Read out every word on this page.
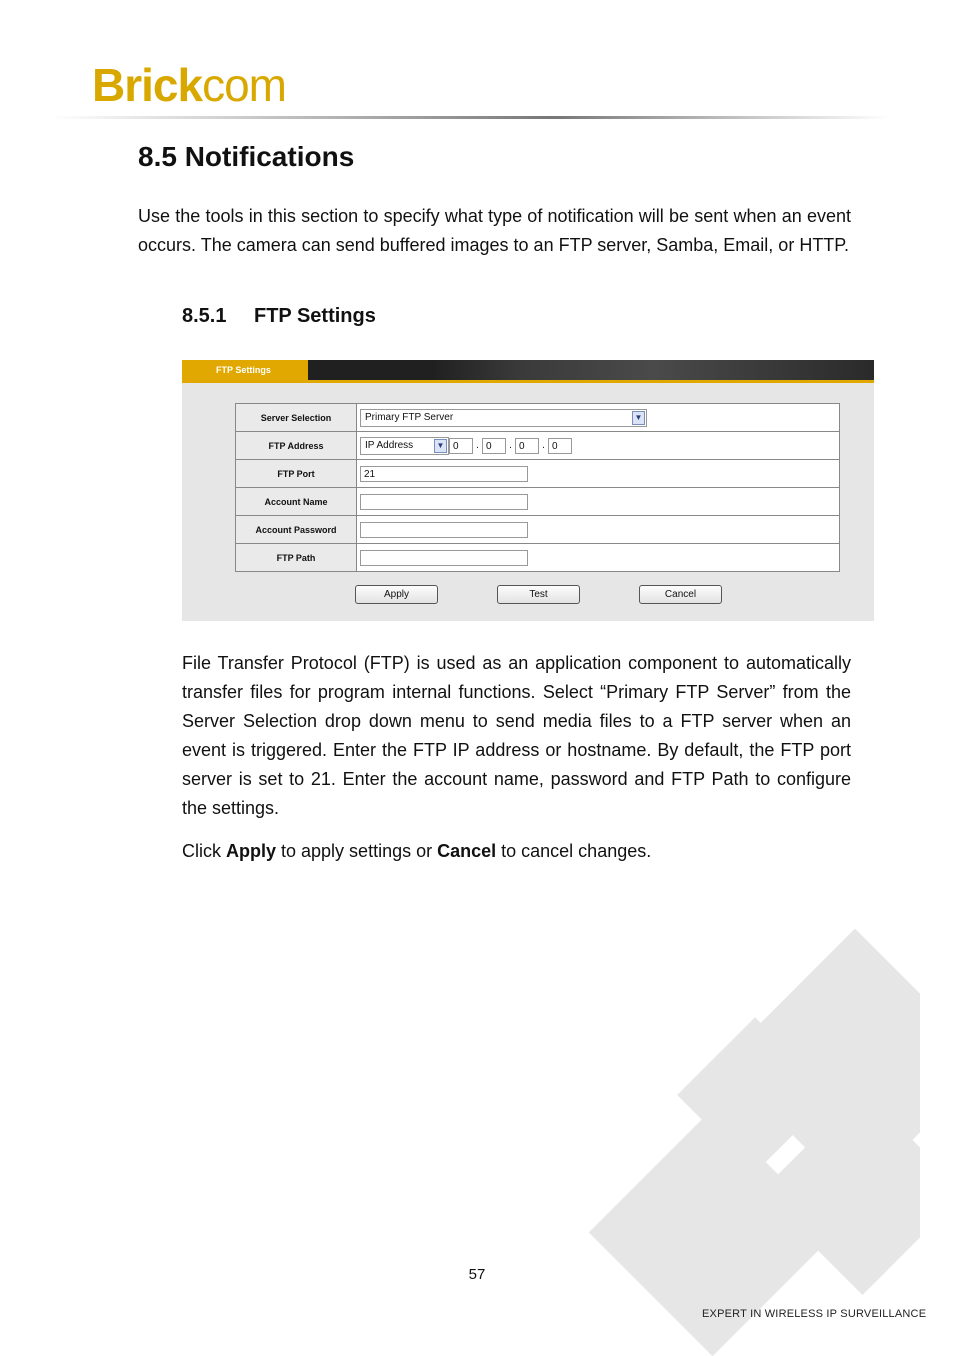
Brickcom
8.5 Notifications

Use the tools in this section to specify what type of notification will be sent when an event occurs. The camera can send buffered images to an FTP server, Samba, Email, or HTTP.

8.5.1 FTP Settings
FTP Settings
Server Selection	Primary FTP Server ▼

FTP Address	IP Address ▼ 0 . 0 . 0 . 0
FTP Port	21
Account Name	
Account Password	
FTP Path	
Apply	Test	Cancel

File Transfer Protocol (FTP) is used as an application component to automatically transfer files for program internal functions. Select “Primary FTP Server” from the Server Selection drop down menu to send media files to a FTP server when an event is triggered. Enter the FTP IP address or hostname. By default, the FTP port server is set to 21. Enter the account name, password and FTP Path to configure the settings.

Click Apply to apply settings or Cancel to cancel changes.

57
EXPERT IN WIRELESS IP SURVEILLANCE
